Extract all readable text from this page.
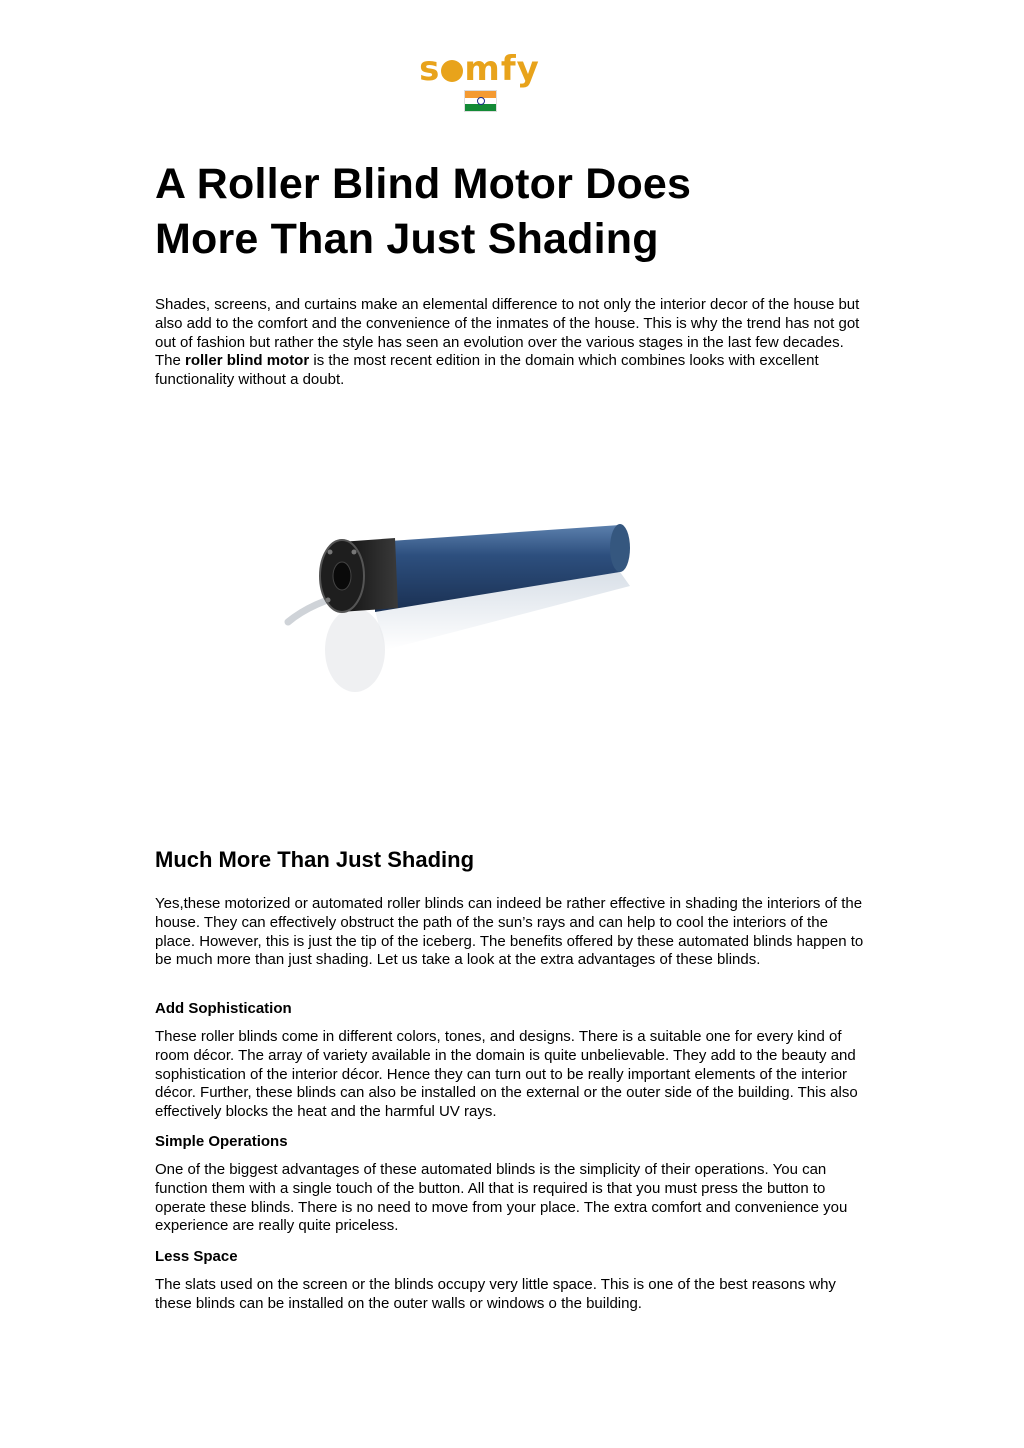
s mfy
A Roller Blind Motor Does
More Than Just Shading

Shades, screens, and curtains make an elemental difference to not only the interior decor of the house but also add to the comfort and the convenience of the inmates of the house. This is why the trend has not got out of fashion but rather the style has seen an evolution over the various stages in the last few decades. The roller blind motor is the most recent edition in the domain which combines looks with excellent functionality without a doubt.

Much More Than Just Shading

Yes,these motorized or automated roller blinds can indeed be rather effective in shading the interiors of the house. They can effectively obstruct the path of the sun’s rays and can help to cool the interiors of the place. However, this is just the tip of the iceberg. The benefits offered by these automated blinds happen to be much more than just shading. Let us take a look at the extra advantages of these blinds.

Add Sophistication

These roller blinds come in different colors, tones, and designs. There is a suitable one for every kind of room décor. The array of variety available in the domain is quite unbelievable. They add to the beauty and sophistication of the interior décor. Hence they can turn out to be really important elements of the interior décor. Further, these blinds can also be installed on the external or the outer side of the building. This also effectively blocks the heat and the harmful UV rays.

Simple Operations

One of the biggest advantages of these automated blinds is the simplicity of their operations. You can function them with a single touch of the button. All that is required is that you must press the button to operate these blinds. There is no need to move from your place. The extra comfort and convenience you experience are really quite priceless.

Less Space

The slats used on the screen or the blinds occupy very little space. This is one of the best reasons why these blinds can be installed on the outer walls or windows o the building.
